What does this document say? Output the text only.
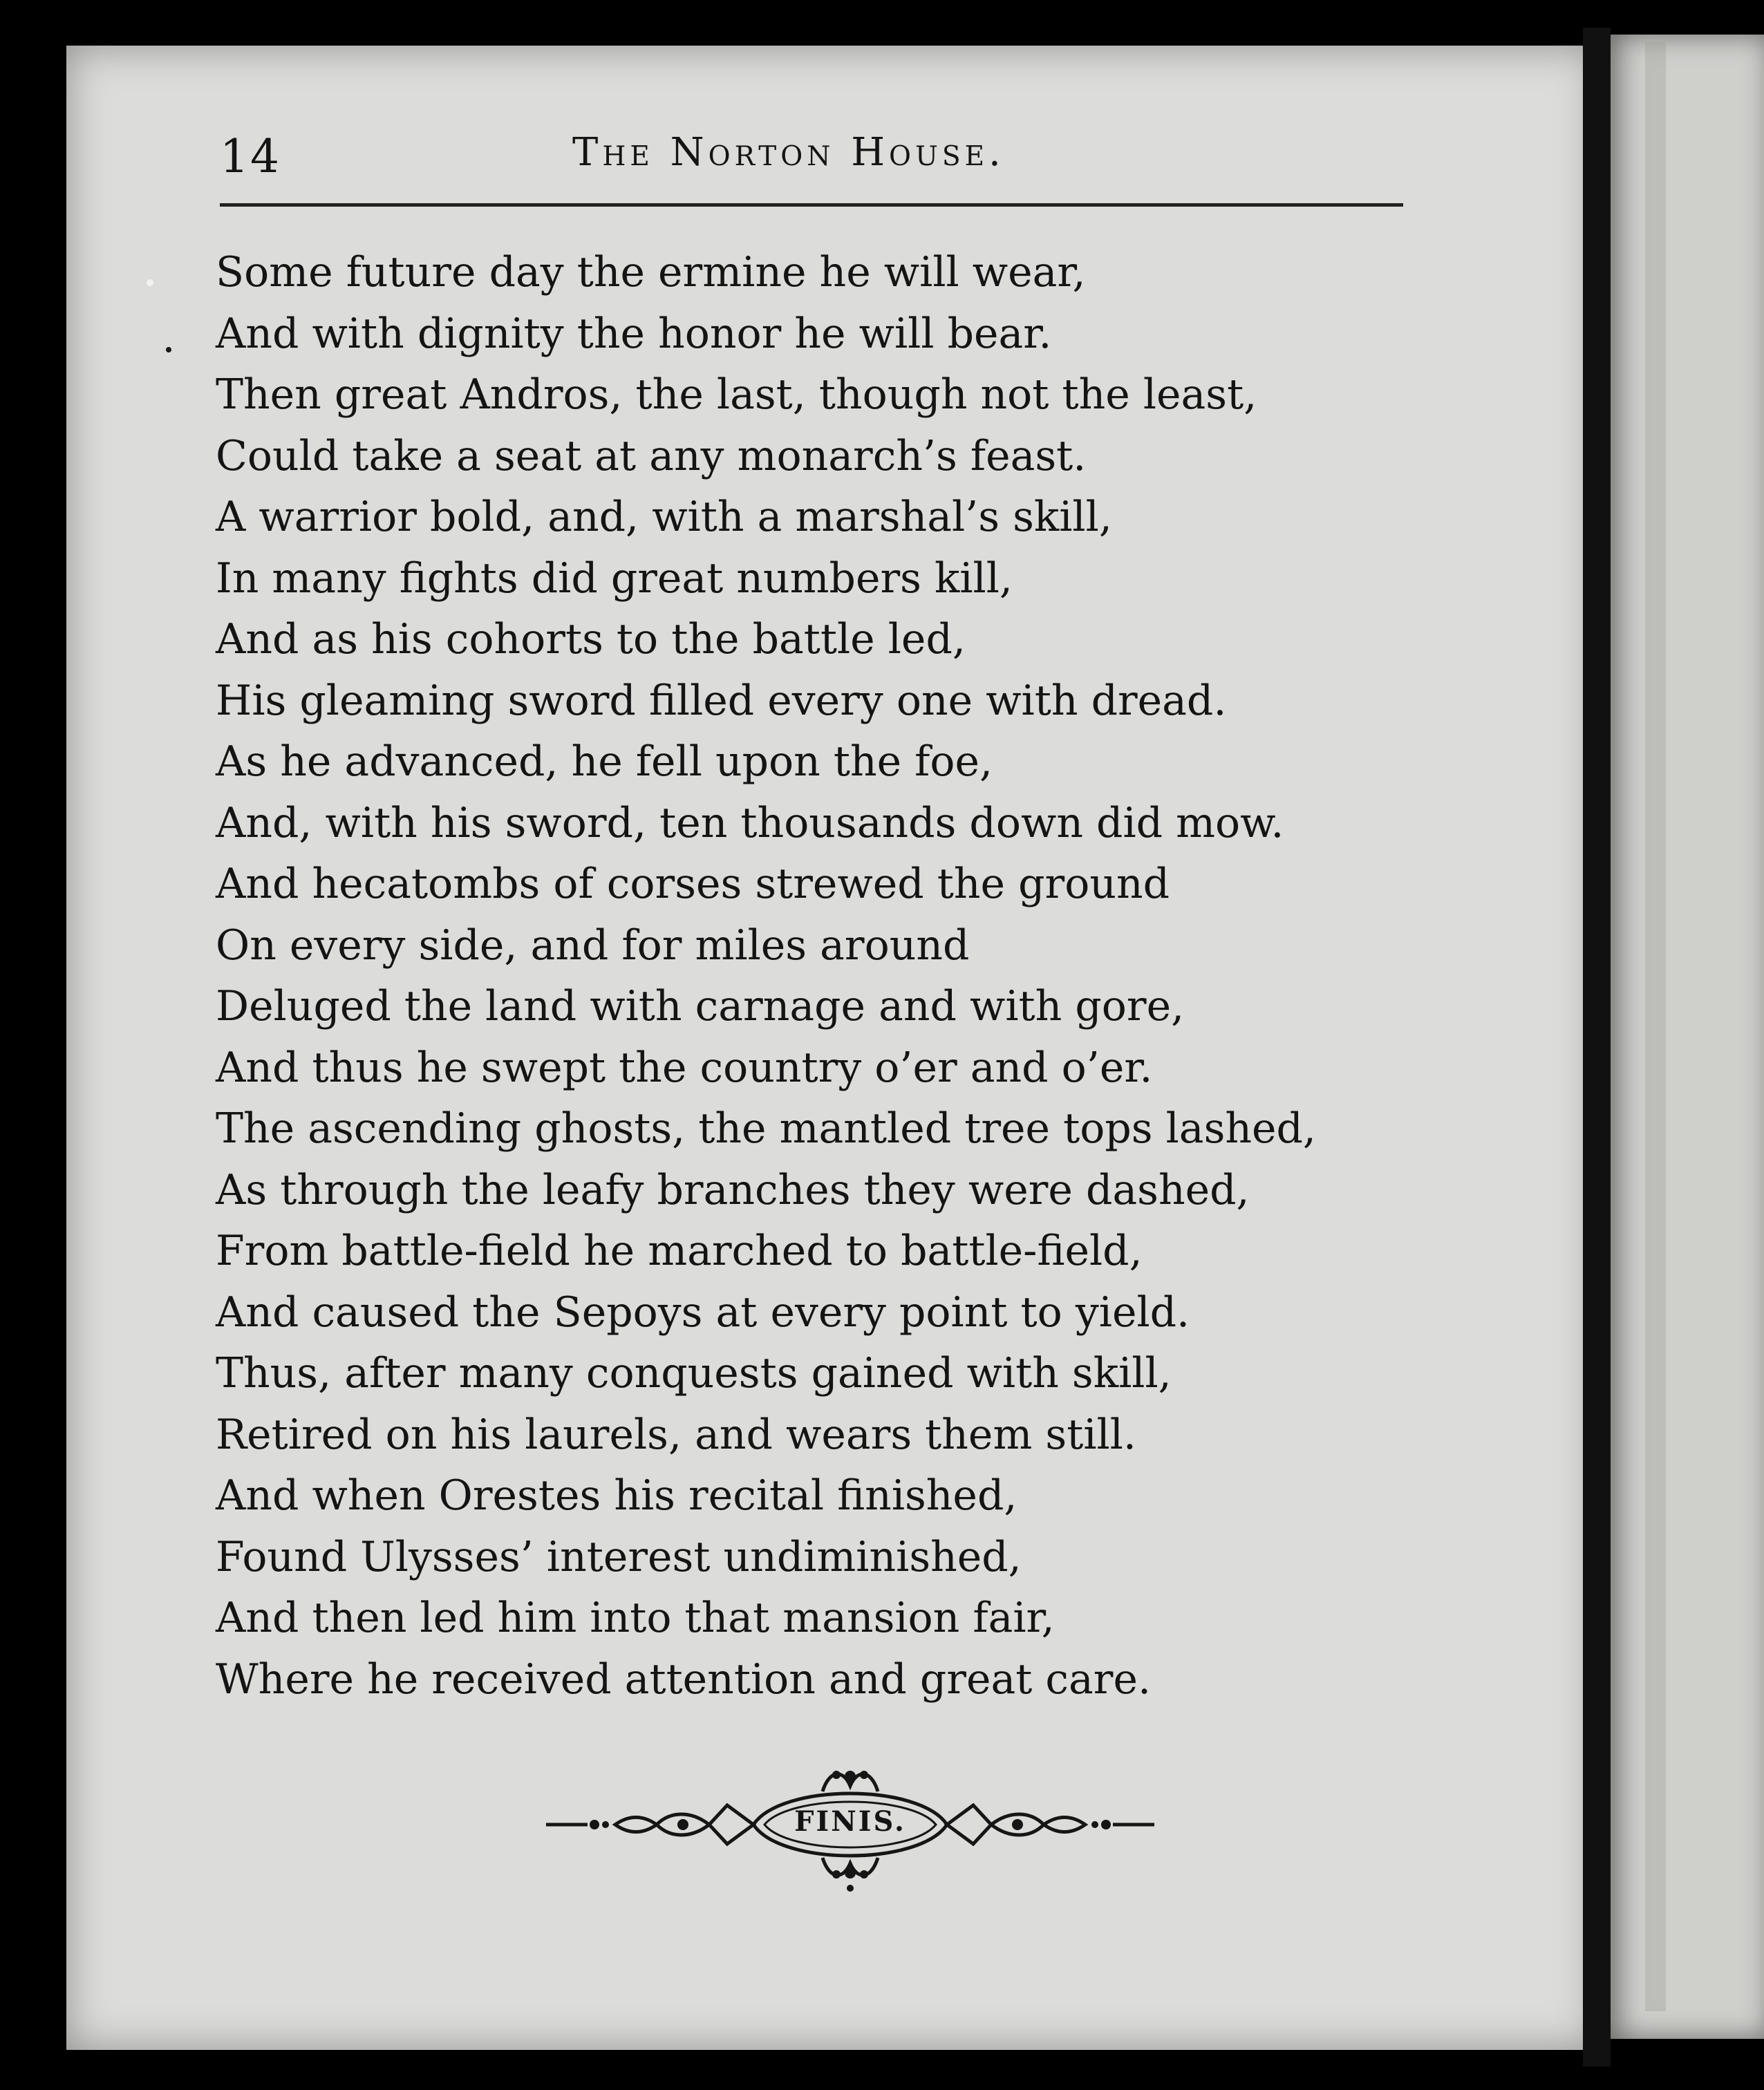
14	The Norton House.
Some future day the ermine he will wear,
And with dignity the honor he will bear.
Then great Andros, the last, though not the least,
Could take a seat at any monarch’s feast.
A warrior bold, and, with a marshal’s skill,
In many fights did great numbers kill,
And as his cohorts to the battle led,
His gleaming sword filled every one with dread.
As he advanced, he fell upon the foe,
And, with his sword, ten thousands down did mow.
And hecatombs of corses strewed the ground
On every side, and for miles around
Deluged the land with carnage and with gore,
And thus he swept the country o’er and o’er.
The ascending ghosts, the mantled tree tops lashed,
As through the leafy branches they were dashed,
From battle-field he marched to battle-field,
And caused the Sepoys at every point to yield.
Thus, after many conquests gained with skill,
Retired on his laurels, and wears them still.
And when Orestes his recital finished,
Found Ulysses’ interest undiminished,
And then led him into that mansion fair,
Where he received attention and great care.
FINIS.
